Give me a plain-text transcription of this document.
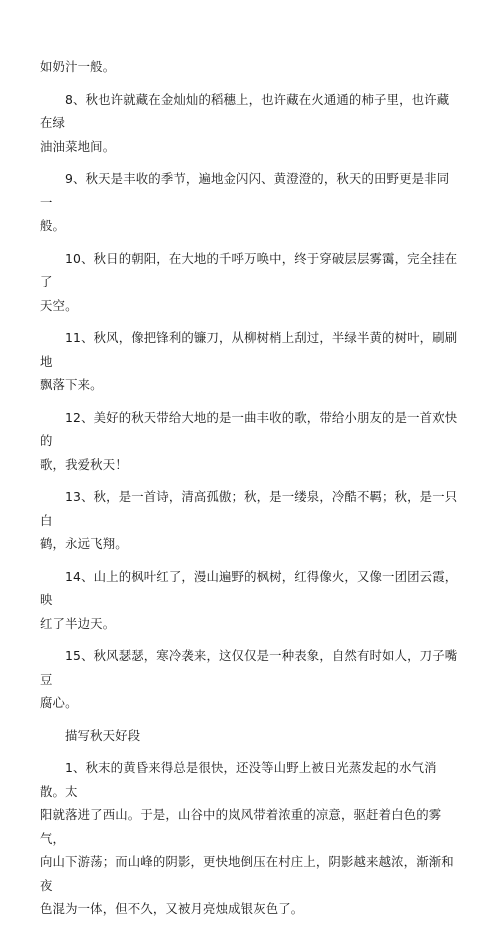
如奶汁一般。

8、秋也许就藏在金灿灿的稻穗上，也许藏在火通通的柿子里，也许藏在绿
油油菜地间。

9、秋天是丰收的季节，遍地金闪闪、黄澄澄的，秋天的田野更是非同一
般。

10、秋日的朝阳，在大地的千呼万唤中，终于穿破层层雾霭，完全挂在了
天空。

11、秋风，像把锋利的镰刀，从柳树梢上刮过，半绿半黄的树叶，刷刷地
飘落下来。

12、美好的秋天带给大地的是一曲丰收的歌，带给小朋友的是一首欢快的
歌，我爱秋天！

13、秋，是一首诗，清高孤傲；秋，是一缕泉，冷酷不羁；秋，是一只白
鹤，永远飞翔。

14、山上的枫叶红了，漫山遍野的枫树，红得像火，又像一团团云霞，映
红了半边天。

15、秋风瑟瑟，寒冷袭来，这仅仅是一种表象，自然有时如人，刀子嘴豆
腐心。

描写秋天好段

1、秋末的黄昏来得总是很快，还没等山野上被日光蒸发起的水气消散。太
阳就落进了西山。于是，山谷中的岚风带着浓重的凉意，驱赶着白色的雾气，
向山下游荡；而山峰的阴影，更快地倒压在村庄上，阴影越来越浓，渐渐和夜
色混为一体，但不久，又被月亮烛成银灰色了。
